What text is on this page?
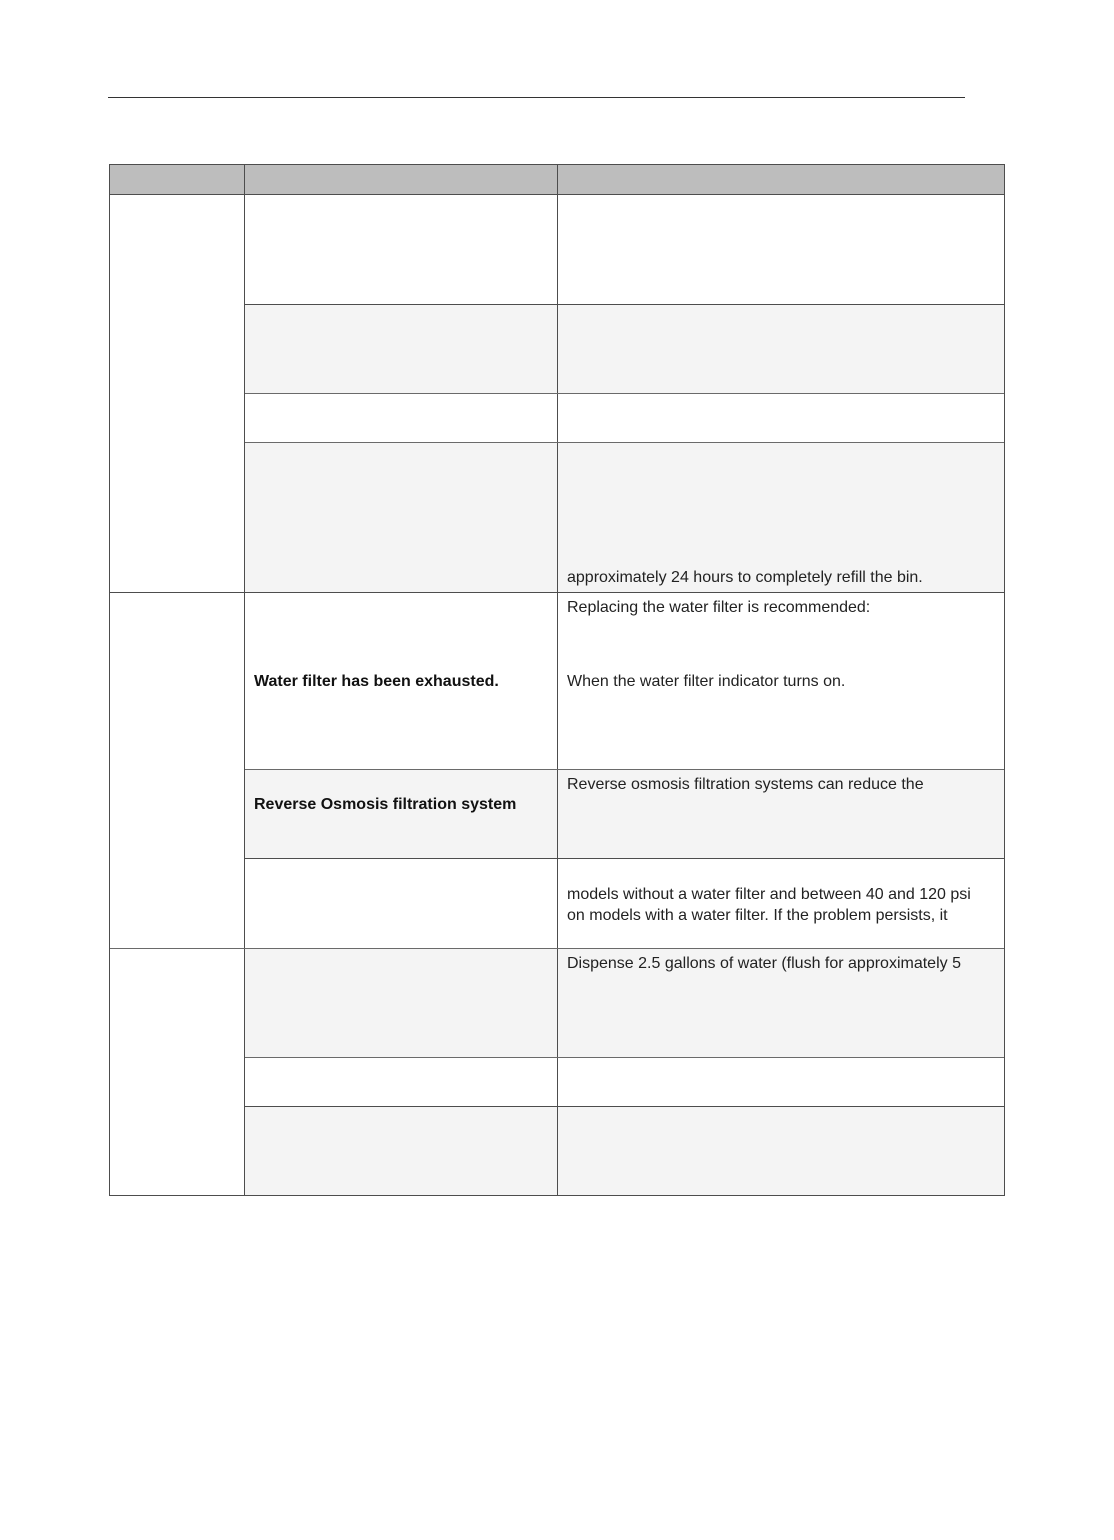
approximately 24 hours to completely refill the bin.
Replacing the water filter is recommended:
Water filter has been exhausted.	When the water filter indicator turns on.
Reverse osmosis filtration systems can reduce the
Reverse Osmosis filtration system
models without a water filter and between 40 and 120 psi
on models with a water filter. If the problem persists, it
Dispense 2.5 gallons of water (flush for approximately 5
